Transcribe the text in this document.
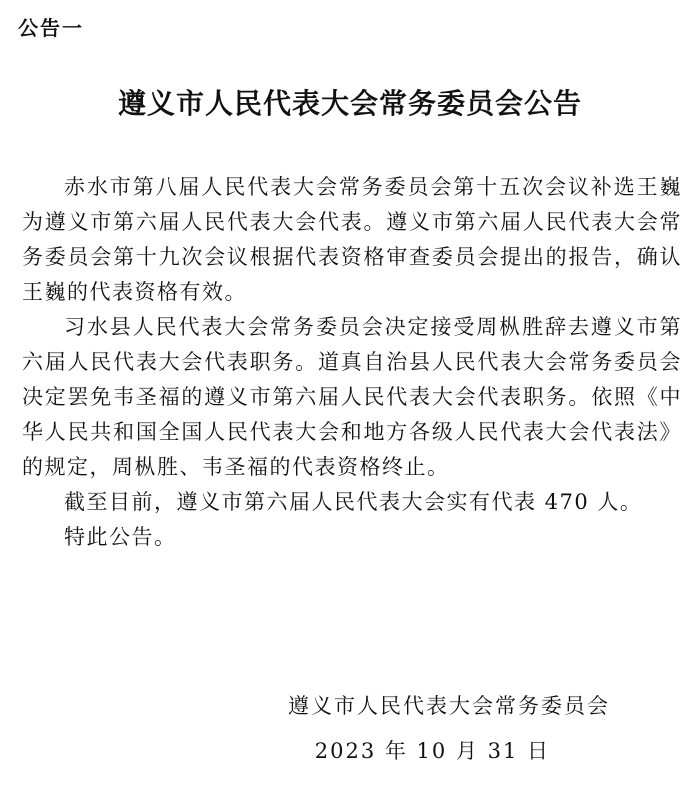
公告一
遵义市人民代表大会常务委员会公告

赤水市第八届人民代表大会常务委员会第十五次会议补选王巍为遵义市第六届人民代表大会代表。遵义市第六届人民代表大会常务委员会第十九次会议根据代表资格审查委员会提出的报告，确认王巍的代表资格有效。

习水县人民代表大会常务委员会决定接受周枞胜辞去遵义市第六届人民代表大会代表职务。道真自治县人民代表大会常务委员会决定罢免韦圣福的遵义市第六届人民代表大会代表职务。依照《中华人民共和国全国人民代表大会和地方各级人民代表大会代表法》的规定，周枞胜、韦圣福的代表资格终止。

截至目前，遵义市第六届人民代表大会实有代表 470 人。

特此公告。

遵义市人民代表大会常务委员会
2023 年 10 月 31 日
